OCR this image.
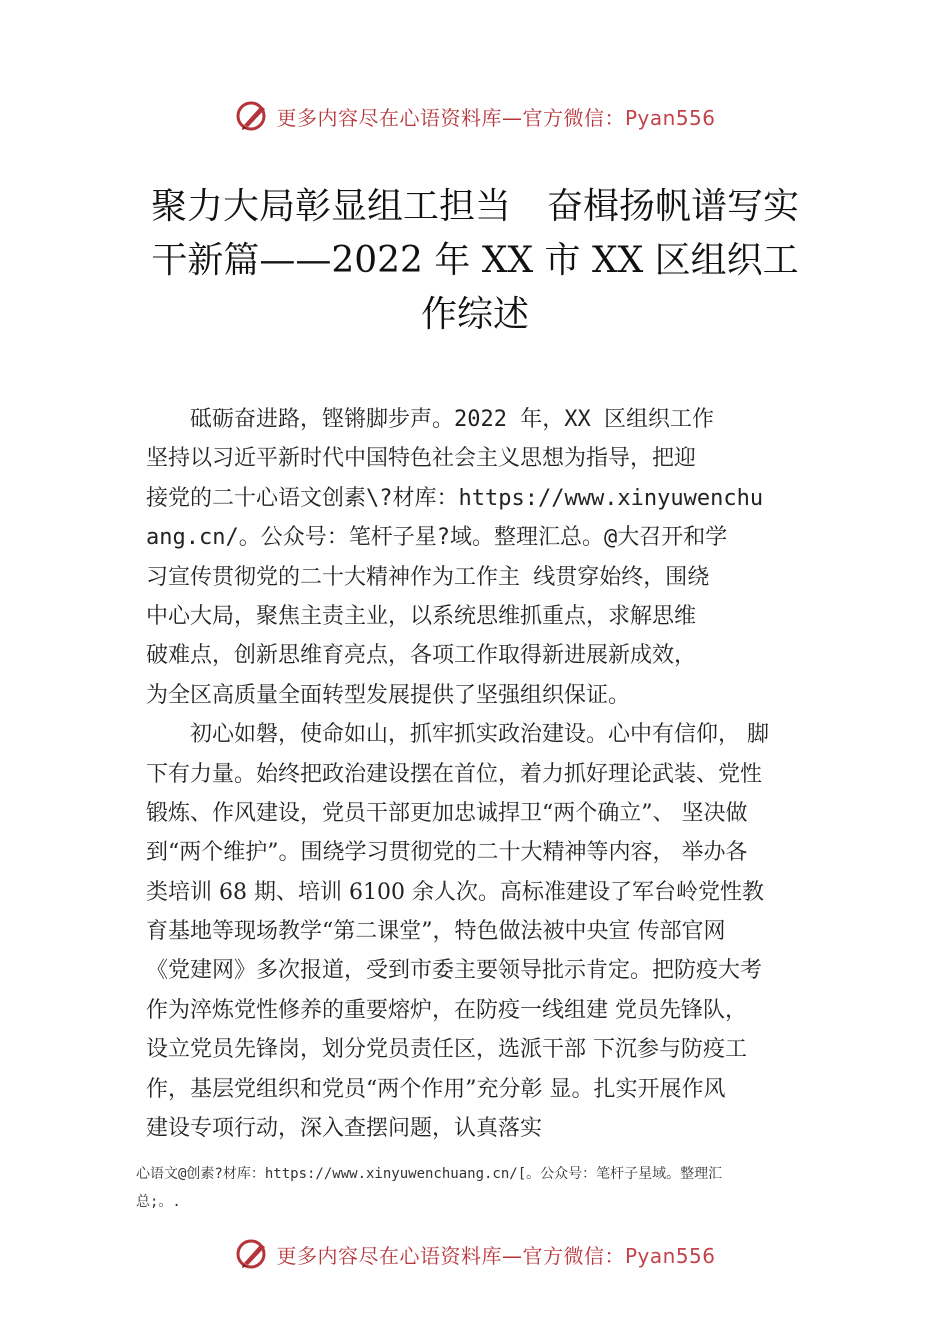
更多内容尽在心语资料库—官方微信：Pyan556
聚力大局彰显组工担当　奋楫扬帆谱写实
干新篇——2022 年 XX 市 XX 区组织工
作综述
　　砥砺奋进路，铿锵脚步声。2022 年，XX 区组织工作
坚持以习近平新时代中国特色社会主义思想为指导，把迎
接党的二十心语文创素\?材库：https://www.xinyuwenchu
ang.cn/。公众号：笔杆子星?域。整理汇总。@大召开和学
习宣传贯彻党的二十大精神作为工作主 线贯穿始终，围绕
中心大局，聚焦主责主业，以系统思维抓重点，求解思维
破难点，创新思维育亮点，各项工作取得新进展新成效，
为全区高质量全面转型发展提供了坚强组织保证。
　　初心如磐，使命如山，抓牢抓实政治建设。心中有信仰， 脚
下有力量。始终把政治建设摆在首位，着力抓好理论武装、党性
锻炼、作风建设，党员干部更加忠诚捍卫“两个确立”、 坚决做
到“两个维护”。围绕学习贯彻党的二十大精神等内容， 举办各
类培训 68 期、培训 6100 余人次。高标准建设了军台岭党性教
育基地等现场教学“第二课堂”，特色做法被中央宣 传部官网
《党建网》多次报道，受到市委主要领导批示肯定。把防疫大考
作为淬炼党性修养的重要熔炉，在防疫一线组建 党员先锋队，
设立党员先锋岗，划分党员责任区，选派干部 下沉参与防疫工
作，基层党组织和党员“两个作用”充分彰 显。扎实开展作风
建设专项行动，深入查摆问题，认真落实
心语文@创素?材库：https://www.xinyuwenchuang.cn/[。公众号：笔杆子星域。整理汇
总;。.
更多内容尽在心语资料库—官方微信：Pyan556
